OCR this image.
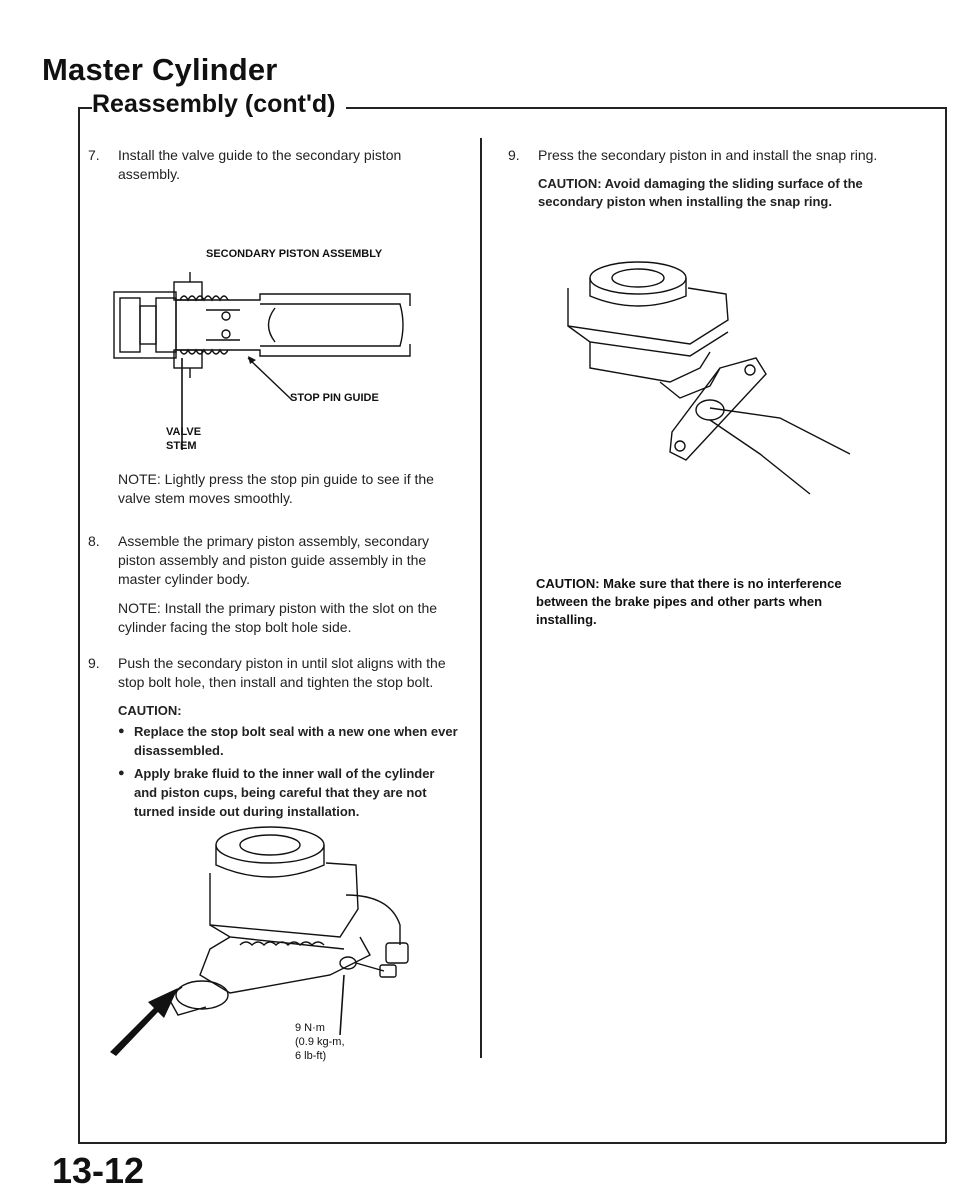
Master Cylinder
Reassembly (cont'd)
7. Install the valve guide to the secondary piston assembly.
SECONDARY PISTON ASSEMBLY
STOP PIN GUIDE
VALVE
STEM
NOTE: Lightly press the stop pin guide to see if the valve stem moves smoothly.
8. Assemble the primary piston assembly, secondary piston assembly and piston guide assembly in the master cylinder body.
NOTE: Install the primary piston with the slot on the cylinder facing the stop bolt hole side.
9. Push the secondary piston in until slot aligns with the stop bolt hole, then install and tighten the stop bolt.
CAUTION:
● Replace the stop bolt seal with a new one when ever disassembled.
● Apply brake fluid to the inner wall of the cylinder and piston cups, being careful that they are not turned inside out during installation.
9 N·m
(0.9 kg-m,
6 lb-ft)
9. Press the secondary piston in and install the snap ring.
CAUTION: Avoid damaging the sliding surface of the secondary piston when installing the snap ring.
CAUTION: Make sure that there is no interference between the brake pipes and other parts when installing.
13-12
